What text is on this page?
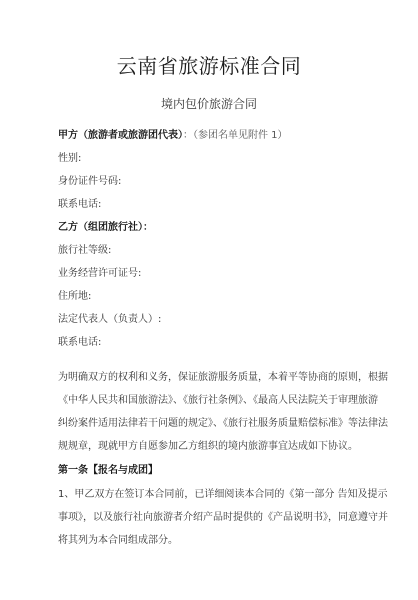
云南省旅游标准合同
境内包价旅游合同
甲方（旅游者或旅游团代表）：（参团名单见附件 1）
性别:
身份证件号码:
联系电话:
乙方（组团旅行社）：
旅行社等级:
业务经营许可证号:
住所地:
法定代表人（负责人）:
联系电话:
为明确双方的权利和义务，保证旅游服务质量，本着平等协商的原则，根据
《中华人民共和国旅游法》、《旅行社条例》、《最高人民法院关于审理旅游
纠纷案件适用法律若干问题的规定》、《旅行社服务质量赔偿标准》等法律法
规规章，现就甲方自愿参加乙方组织的境内旅游事宜达成如下协议。
第一条【报名与成团】
1、甲乙双方在签订本合同前，已详细阅读本合同的《第一部分 告知及提示
事项》，以及旅行社向旅游者介绍产品时提供的《产品说明书》，同意遵守并
将其列为本合同组成部分。
